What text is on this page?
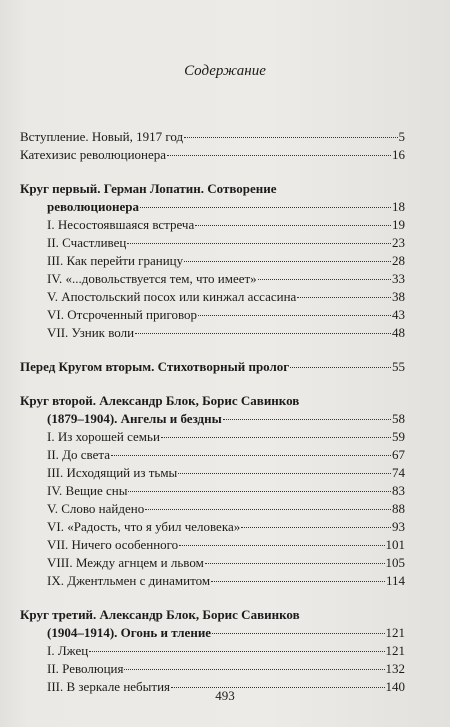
Содержание
Вступление. Новый, 1917 год	5
Катехизис революционера	16
Круг первый. Герман Лопатин. Сотворение
революционера	18
I. Несостоявшаяся встреча	19
II. Счастливец	23
III. Как перейти границу	28
IV. «...довольствуется тем, что имеет»	33
V. Апостольский посох или кинжал ассасина	38
VI. Отсроченный приговор	43
VII. Узник воли	48
Перед Кругом вторым. Стихотворный пролог	55
Круг второй. Александр Блок, Борис Савинков
(1879–1904). Ангелы и бездны	58
I. Из хорошей семьи	59
II. До света	67
III. Исходящий из тьмы	74
IV. Вещие сны	83
V. Слово найдено	88
VI. «Радость, что я убил человека»	93
VII. Ничего особенного	101
VIII. Между агнцем и львом	105
IX. Джентльмен с динамитом	114
Круг третий. Александр Блок, Борис Савинков
(1904–1914). Огонь и тление	121
I. Лжец	121
II. Революция	132
III. В зеркале небытия	140
493
